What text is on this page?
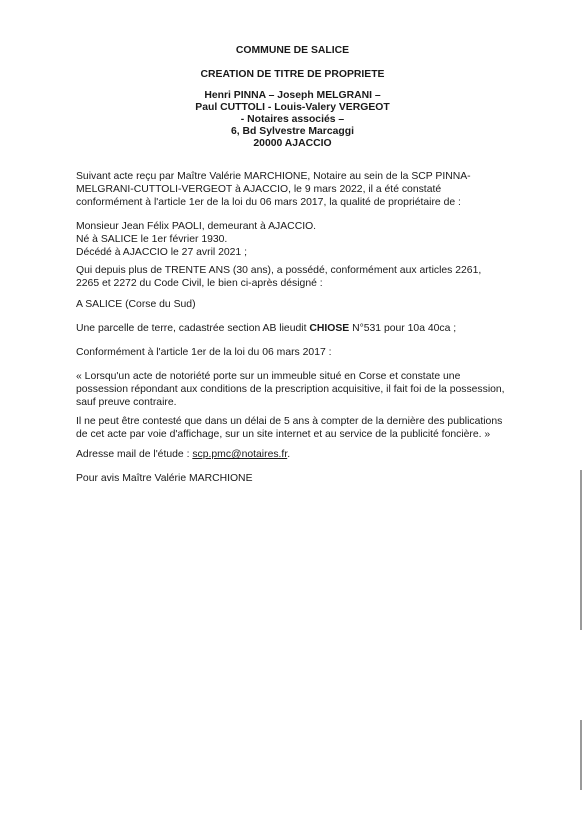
COMMUNE DE SALICE
CREATION DE TITRE DE PROPRIETE
Henri PINNA – Joseph MELGRANI –
Paul CUTTOLI - Louis-Valery VERGEOT
- Notaires associés –
6, Bd Sylvestre Marcaggi
20000 AJACCIO

Suivant acte reçu par Maître Valérie MARCHIONE, Notaire au sein de la SCP PINNA-

MELGRANI-CUTTOLI-VERGEOT à AJACCIO, le 9 mars 2022, il a été constaté

conformément à l'article 1er de la loi du 06 mars 2017, la qualité de propriétaire de :

Monsieur Jean Félix PAOLI, demeurant à AJACCIO.

Né à SALICE le 1er février 1930.

Décédé à AJACCIO le 27 avril 2021 ;

Qui depuis plus de TRENTE ANS (30 ans), a possédé, conformément aux articles 2261,

2265 et 2272 du Code Civil, le bien ci-après désigné :

A SALICE (Corse du Sud)

Une parcelle de terre, cadastrée section AB lieudit CHIOSE N°531 pour 10a 40ca ;

Conformément à l'article 1er de la loi du 06 mars 2017 :

« Lorsqu'un acte de notoriété porte sur un immeuble situé en Corse et constate une

possession répondant aux conditions de la prescription acquisitive, il fait foi de la possession,

sauf preuve contraire.

Il ne peut être contesté que dans un délai de 5 ans à compter de la dernière des publications

de cet acte par voie d'affichage, sur un site internet et au service de la publicité foncière. »

Adresse mail de l'étude : scp.pmc@notaires.fr.

Pour avis Maître Valérie MARCHIONE
